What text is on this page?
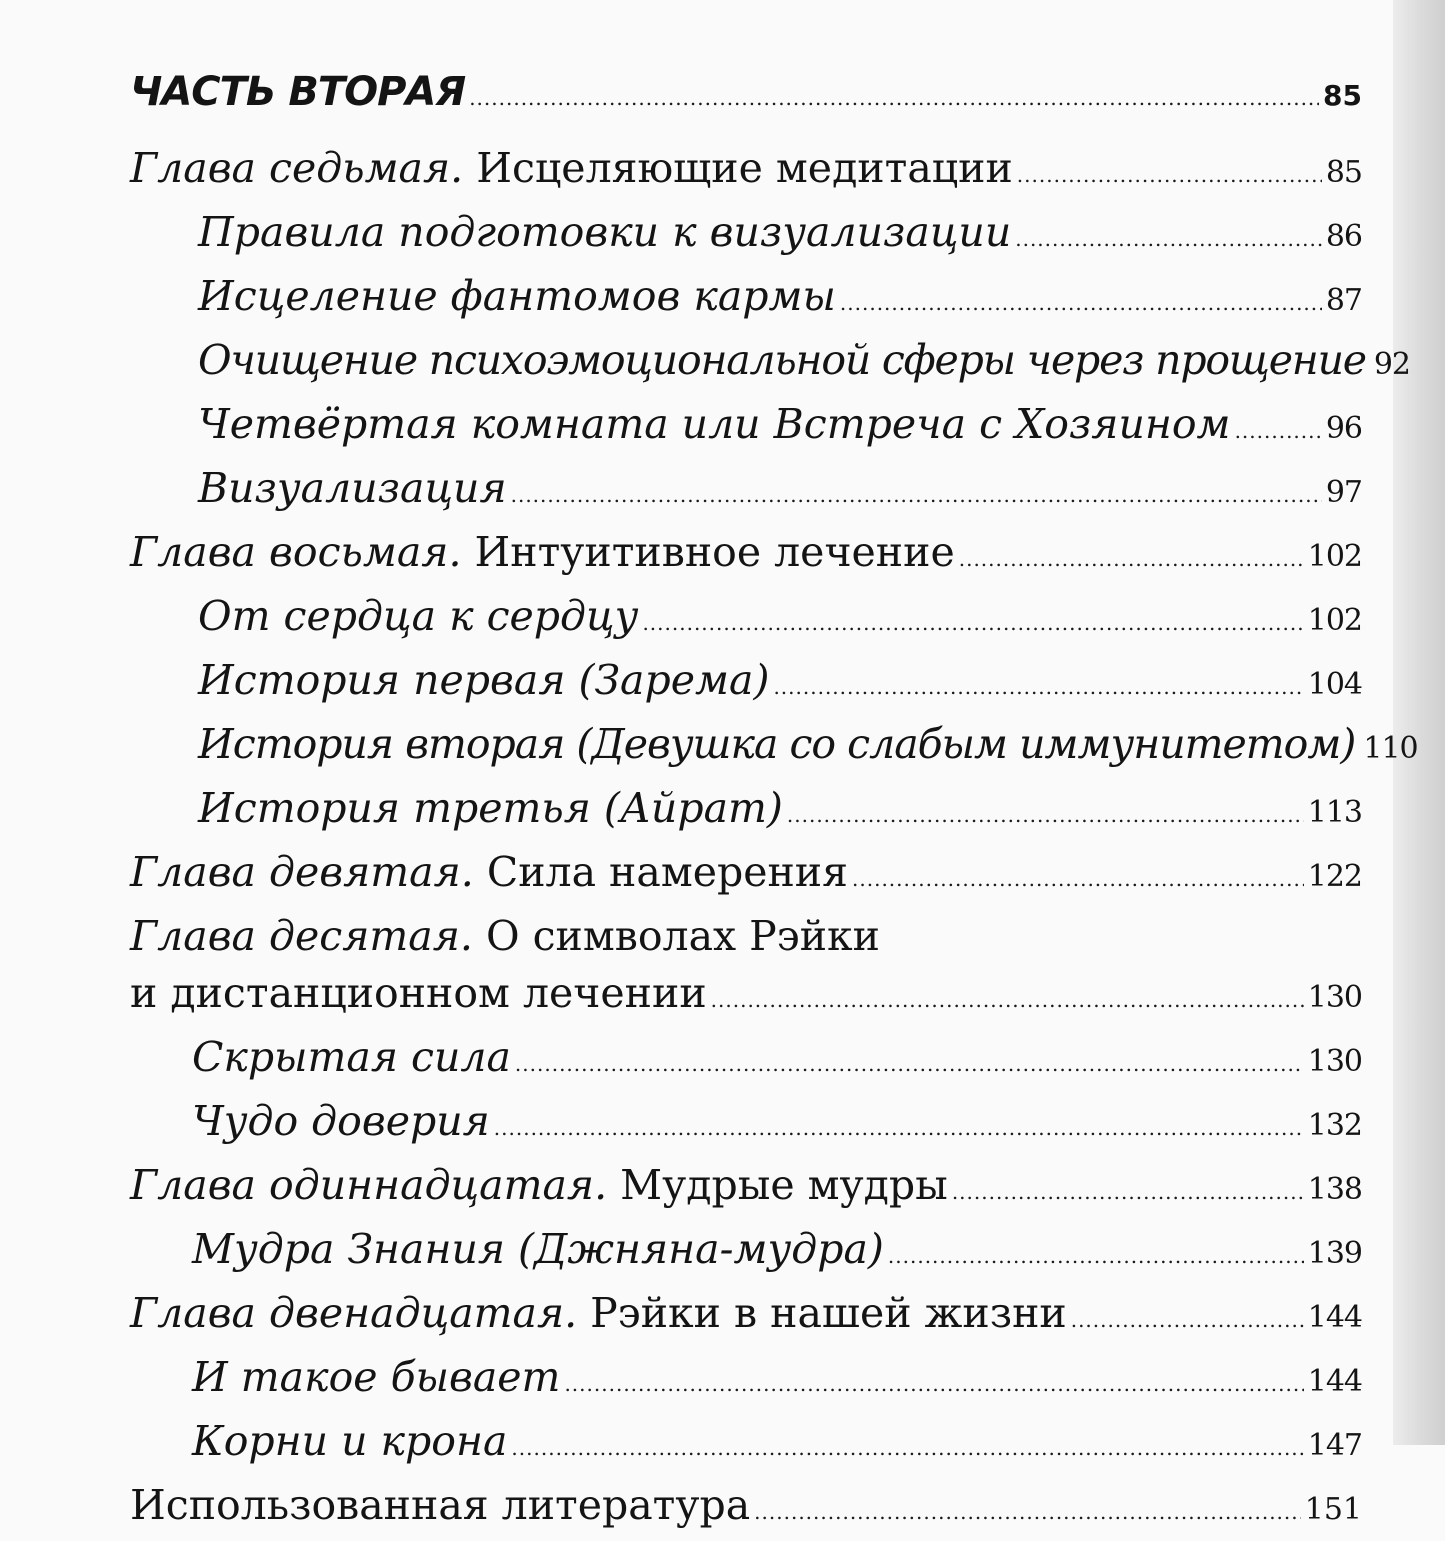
ЧАСТЬ ВТОРАЯ .....	85
Глава седьмая. Исцеляющие медитации .....	85
Правила подготовки к визуализации .....	86
Исцеление фантомов кармы .....	87
Очищение психоэмоциональной сферы через прощение 92
Четвёртая комната или Встреча с Хозяином .....	96
Визуализация .....	97
Глава восьмая. Интуитивное лечение .....	102
От сердца к сердцу .....	102
История первая (Зарема) .....	104
История вторая (Девушка со слабым иммунитетом) 110
История третья (Айрат) .....	113
Глава девятая. Сила намерения .....	122
Глава десятая. О символах Рэйки
и дистанционном лечении .....	130
Скрытая сила .....	130
Чудо доверия .....	132
Глава одиннадцатая. Мудрые мудры .....	138
Мудра Знания (Джняна-мудра) .....	139
Глава двенадцатая. Рэйки в нашей жизни .....	144
И такое бывает .....	144
Корни и крона .....	147
Использованная литература .....	151
